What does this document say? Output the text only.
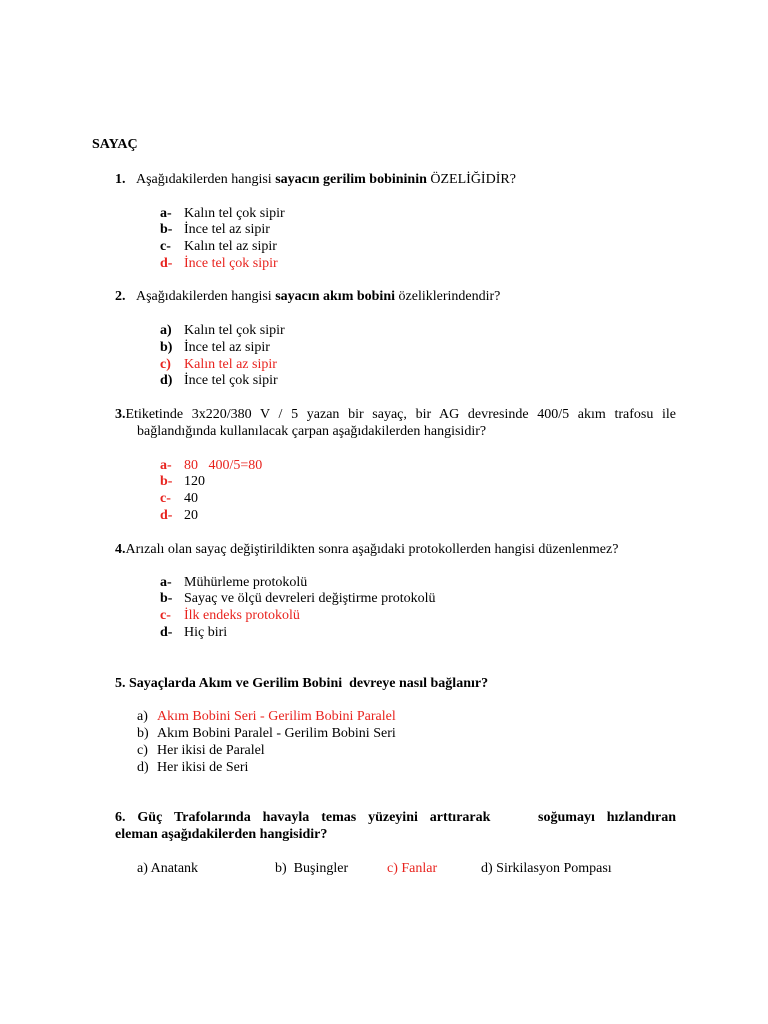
SAYAÇ
1. Aşağıdakilerden hangisi sayacın gerilim bobininin ÖZELİĞİDİR?
a- Kalın tel çok sipir
b- İnce tel az sipir
c- Kalın tel az sipir
d- İnce tel çok sipir
2. Aşağıdakilerden hangisi sayacın akım bobini özeliklerindendir?
a) Kalın tel çok sipir
b) İnce tel az sipir
c) Kalın tel az sipir
d) İnce tel çok sipir
3.Etiketinde 3x220/380 V / 5 yazan bir sayaç, bir AG devresinde 400/5 akım trafosu ile
bağlandığında kullanılacak çarpan aşağıdakilerden hangisidir?
a- 80   400/5=80
b- 120
c- 40
d- 20
4.Arızalı olan sayaç değiştirildikten sonra aşağıdaki protokollerden hangisi düzenlenmez?
a- Mühürleme protokolü
b- Sayaç ve ölçü devreleri değiştirme protokolü
c- İlk endeks protokolü
d- Hiç biri
5. Sayaçlarda Akım ve Gerilim Bobini  devreye nasıl bağlanır?
a) Akım Bobini Seri - Gerilim Bobini Paralel
b) Akım Bobini Paralel - Gerilim Bobini Seri
c) Her ikisi de Paralel
d) Her ikisi de Seri
6. Güç Trafolarında havayla temas yüzeyini arttırarak    soğumayı hızlandıran
eleman aşağıdakilerden hangisidir?
a) Anatank	b)  Buşingler	c) Fanlar	d) Sirkilasyon Pompası
